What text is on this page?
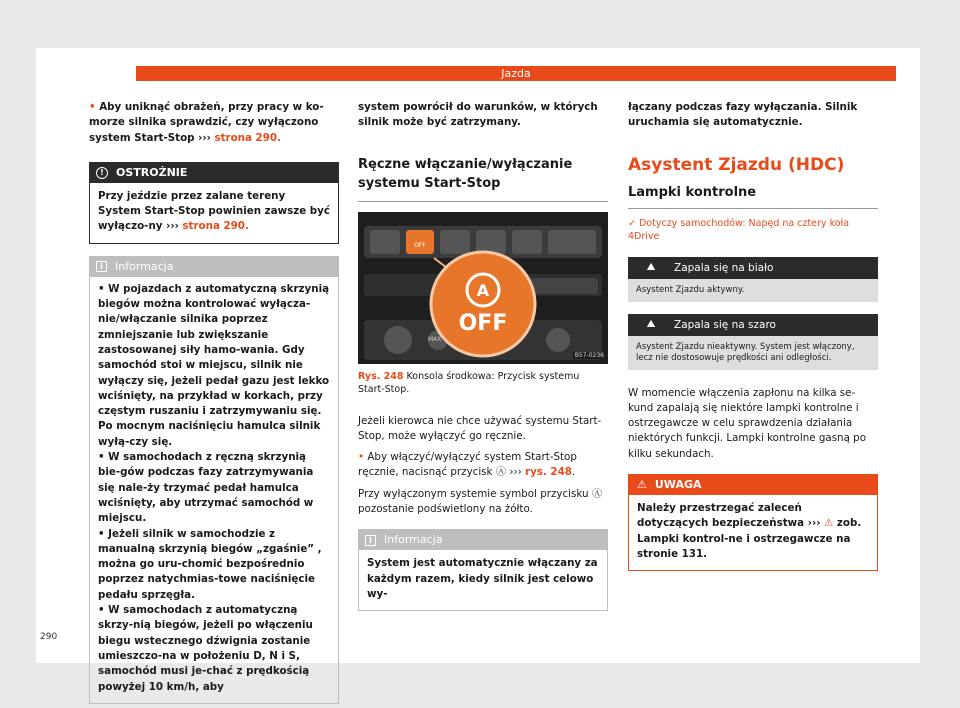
Jazda
• Aby uniknąć obrażeń, przy pracy w ko-morze silnika sprawdzić, czy wyłączono system Start-Stop ››› strona 290.
!	OSTROŻNIE
Przy jeździe przez zalane tereny System Start-Stop powinien zawsze być wyłączo-ny ››› strona 290.
i	Informacja
• W pojazdach z automatyczną skrzynią biegów można kontrolować wyłącza-nie/włączanie silnika poprzez zmniejszanie lub zwiększanie zastosowanej siły hamo-wania. Gdy samochód stoi w miejscu, silnik nie wyłączy się, jeżeli pedał gazu jest lekko wciśnięty, na przykład w korkach, przy częstym ruszaniu i zatrzymywaniu się. Po mocnym naciśnięciu hamulca silnik wyłą-czy się.
• W samochodach z ręczną skrzynią bie-gów podczas fazy zatrzymywania się nale-ży trzymać pedał hamulca wciśnięty, aby utrzymać samochód w miejscu.
• Jeżeli silnik w samochodzie z manualną skrzynią biegów „zgaśnie” , można go uru-chomić bezpośrednio poprzez natychmias-towe naciśnięcie pedału sprzęgła.
• W samochodach z automatyczną skrzy-nią biegów, jeżeli po włączeniu biegu wstecznego dźwignia zostanie umieszczo-na w położeniu D, N i S, samochód musi je-chać z prędkością powyżej 10 km/h, aby
system powrócił do warunków, w których silnik może być zatrzymany.
Ręczne włączanie/wyłączanie systemu Start-Stop
A
OFF
OFF
MAX
B57-0236
Rys. 248 Konsola środkowa: Przycisk systemu Start-Stop.
Jeżeli kierowca nie chce używać systemu Start-Stop, może wyłączyć go ręcznie.
• Aby włączyć/wyłączyć system Start-Stop ręcznie, nacisnąć przycisk Ⓐ ››› rys. 248.
Przy wyłączonym systemie symbol przycisku Ⓐ pozostanie podświetlony na żółto.
i	Informacja
System jest automatycznie włączany za każdym razem, kiedy silnik jest celowo wy-
łączany podczas fazy wyłączania. Silnik uruchamia się automatycznie.
Asystent Zjazdu (HDC)
Lampki kontrolne
✓ Dotyczy samochodów: Napęd na cztery koła 4Drive
⛰	Zapala się na biało
Asystent Zjazdu aktywny.
⛰	Zapala się na szaro
Asystent Zjazdu nieaktywny. System jest włączony, lecz nie dostosowuje prędkości ani odległości.
W momencie włączenia zapłonu na kilka se-kund zapalają się niektóre lampki kontrolne i ostrzegawcze w celu sprawdzenia działania niektórych funkcji. Lampki kontrolne gasną po kilku sekundach.
⚠ UWAGA
Należy przestrzegać zaleceń dotyczących bezpieczeństwa ››› ⚠ zob. Lampki kontrol-ne i ostrzegawcze na stronie 131.
290
